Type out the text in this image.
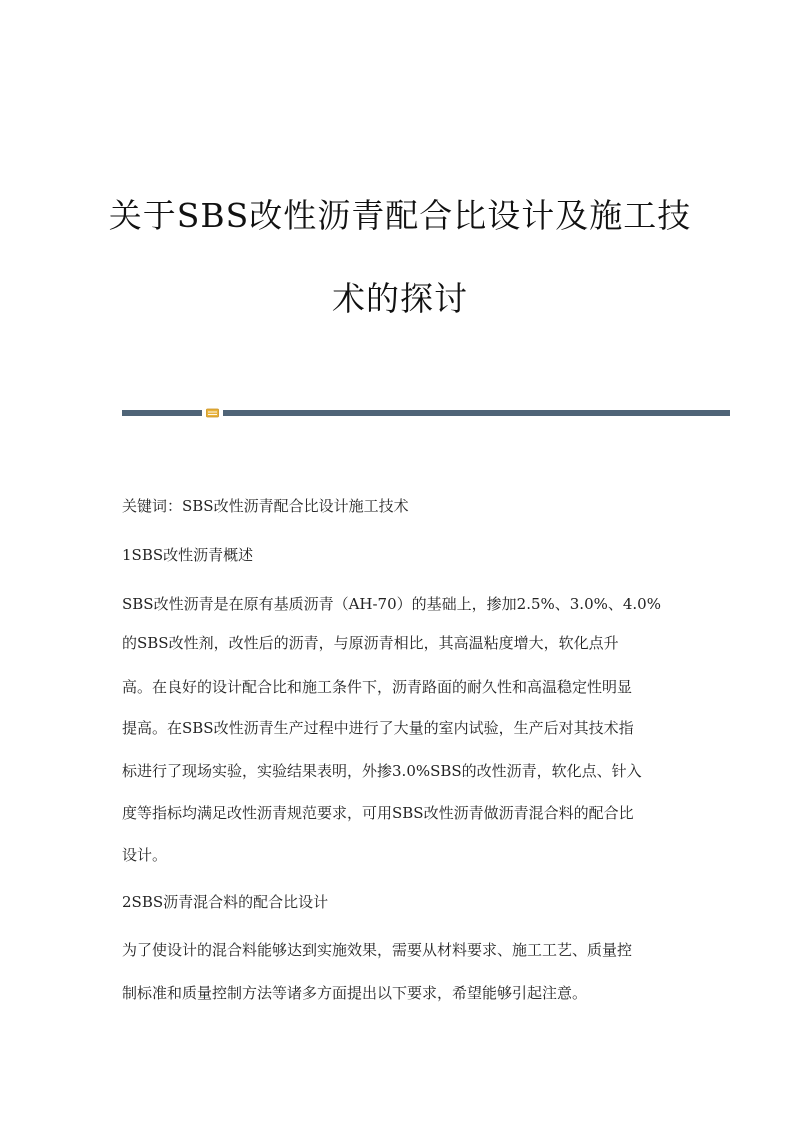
关于SBS改性沥青配合比设计及施工技
术的探讨

关键词：SBS改性沥青配合比设计施工技术

1SBS改性沥青概述

SBS改性沥青是在原有基质沥青（AH-70）的基础上，掺加2.5%、3.0%、4.0%

的SBS改性剂，改性后的沥青，与原沥青相比，其高温粘度增大，软化点升

高。在良好的设计配合比和施工条件下，沥青路面的耐久性和高温稳定性明显

提高。在SBS改性沥青生产过程中进行了大量的室内试验，生产后对其技术指

标进行了现场实验，实验结果表明，外掺3.0%SBS的改性沥青，软化点、针入

度等指标均满足改性沥青规范要求，可用SBS改性沥青做沥青混合料的配合比

设计。

2SBS沥青混合料的配合比设计

为了使设计的混合料能够达到实施效果，需要从材料要求、施工工艺、质量控

制标准和质量控制方法等诸多方面提出以下要求，希望能够引起注意。
